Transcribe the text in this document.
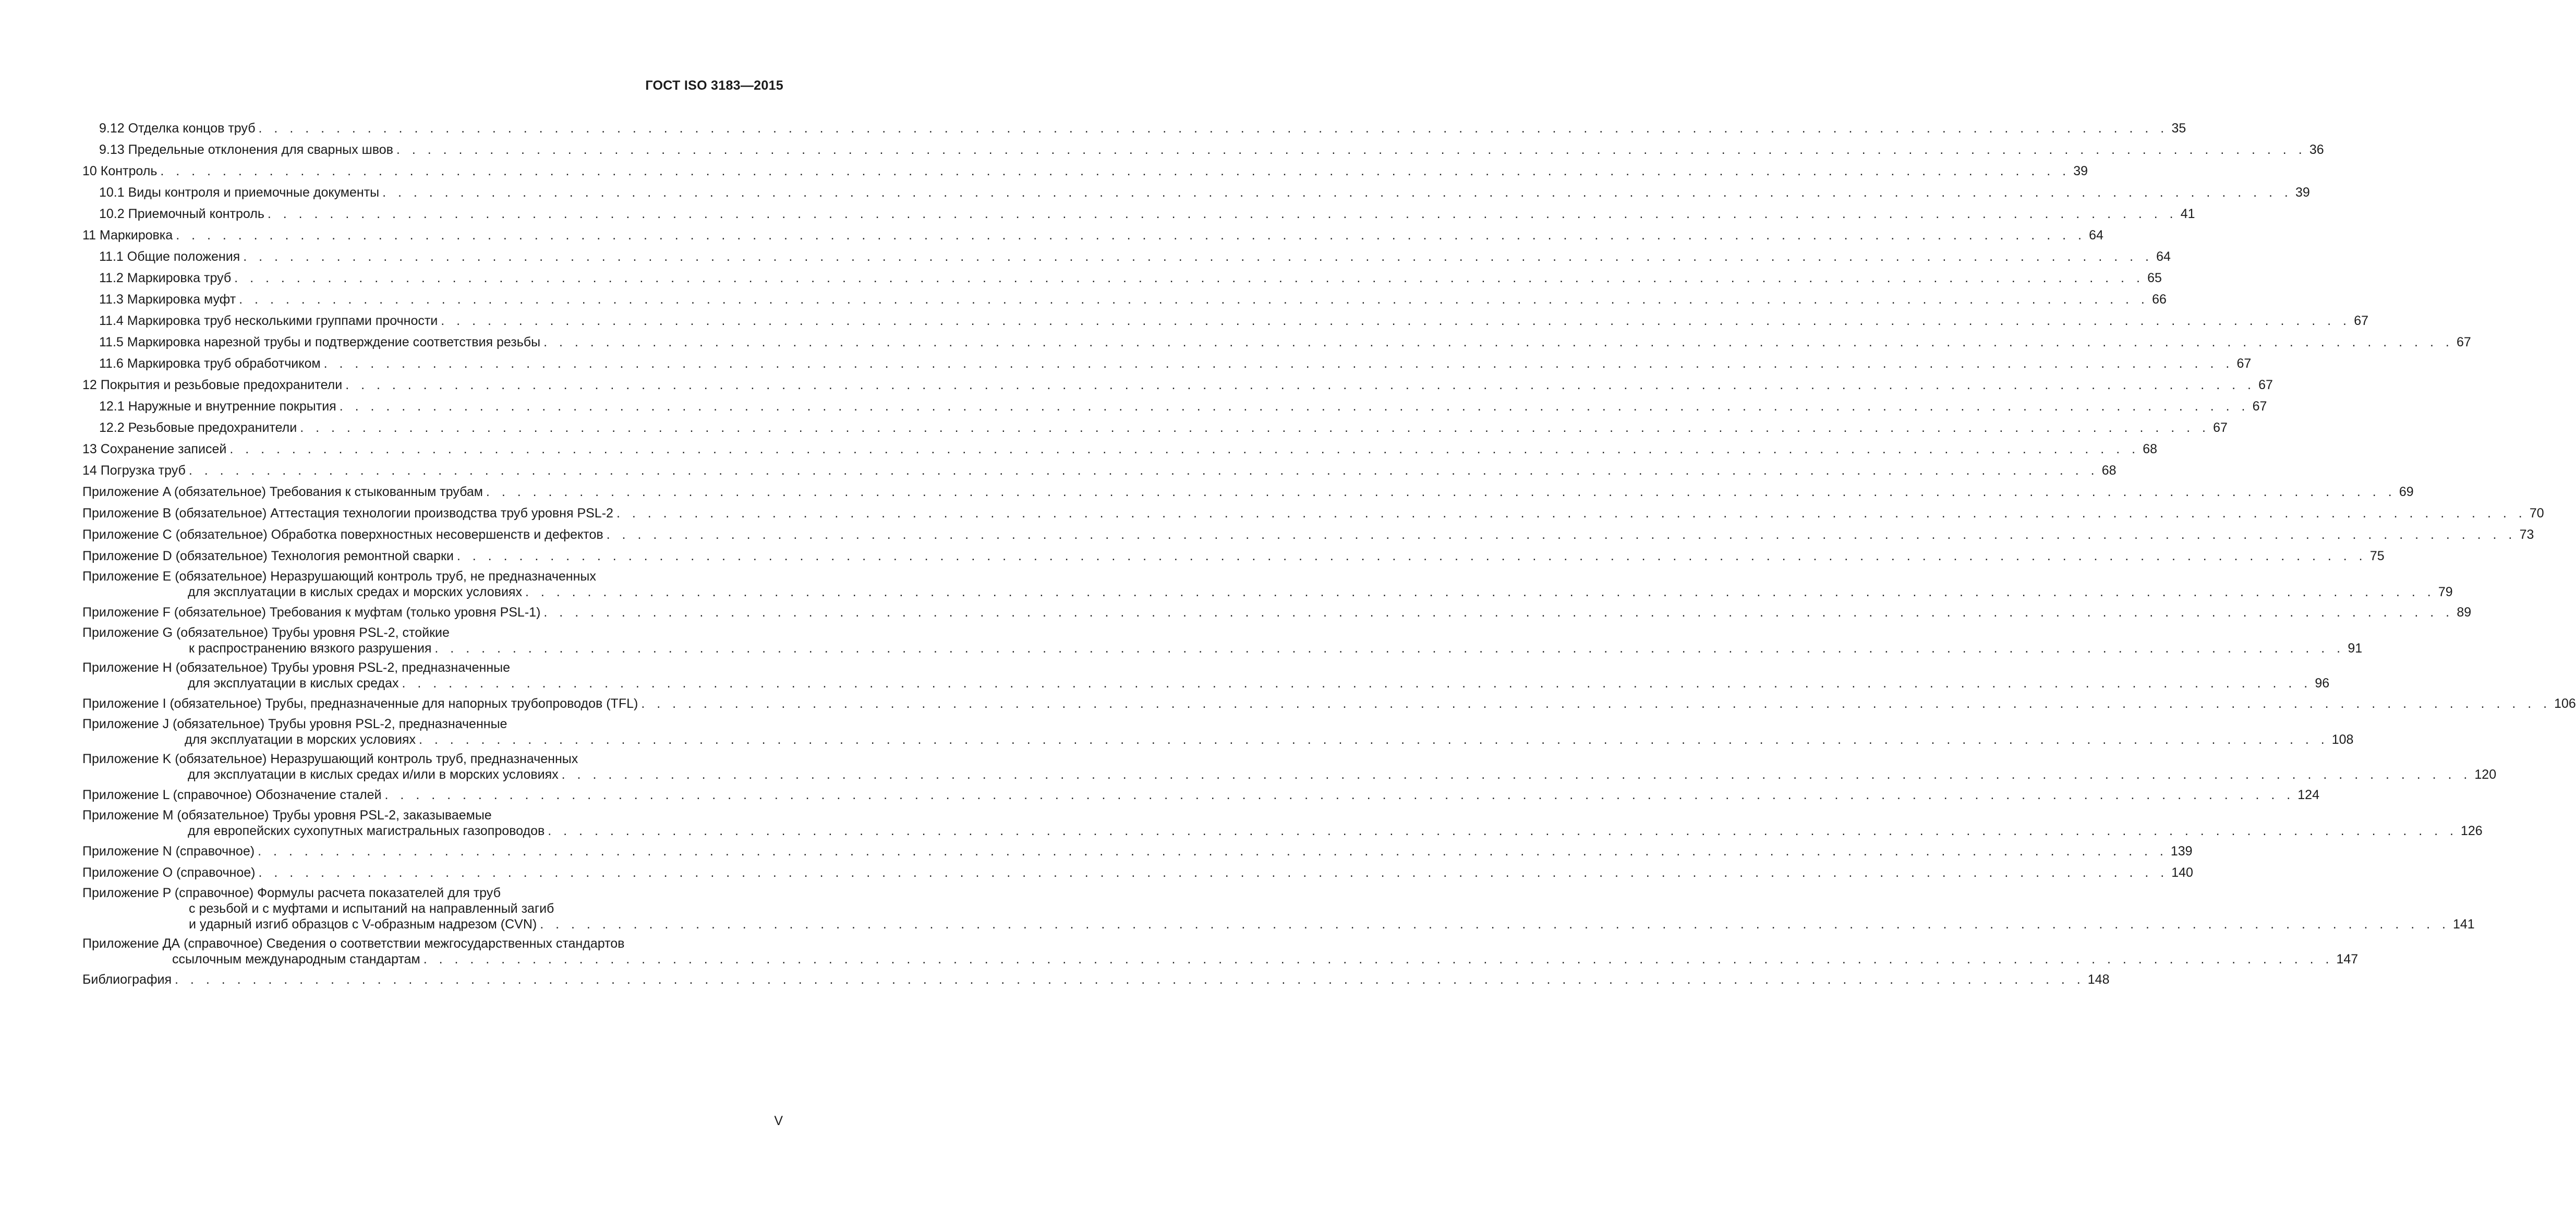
ГОСТ ISO 3183—2015
9.12 Отделка концов труб . . . . . . . . . . . . . . . . . . . . . . . . . . . . . . . . . . . . . . . . . . . . . . . . . . . . . . . . . . . . . . . . . . . . . . . . . . . . . . . . . . . . . . . . . . . . . . . . . . . . . . . . . . . . . . . . . . . . . . . . . . . 35
9.13 Предельные отклонения для сварных швов . . . . . . . . . . . . . . . . . . . . . . . . . . . . . . . . . . . . . . . . . . . . . . . . . . . . . . . . . . . . . . . . . . . . . . . . . . . . . . . . . . . . . . . . . . . . . . . . . . . . . . . . . . . . . . . . . . . . . . . . . . . 36
10 Контроль . . . . . . . . . . . . . . . . . . . . . . . . . . . . . . . . . . . . . . . . . . . . . . . . . . . . . . . . . . . . . . . . . . . . . . . . . . . . . . . . . . . . . . . . . . . . . . . . . . . . . . . . . . . . . . . . . . . . . . . . . . . 39
10.1 Виды контроля и приемочные документы . . . . . . . . . . . . . . . . . . . . . . . . . . . . . . . . . . . . . . . . . . . . . . . . . . . . . . . . . . . . . . . . . . . . . . . . . . . . . . . . . . . . . . . . . . . . . . . . . . . . . . . . . . . . . . . . . . . . . . . . . . . 39
10.2 Приемочный контроль . . . . . . . . . . . . . . . . . . . . . . . . . . . . . . . . . . . . . . . . . . . . . . . . . . . . . . . . . . . . . . . . . . . . . . . . . . . . . . . . . . . . . . . . . . . . . . . . . . . . . . . . . . . . . . . . . . . . . . . . . . . 41
11 Маркировка . . . . . . . . . . . . . . . . . . . . . . . . . . . . . . . . . . . . . . . . . . . . . . . . . . . . . . . . . . . . . . . . . . . . . . . . . . . . . . . . . . . . . . . . . . . . . . . . . . . . . . . . . . . . . . . . . . . . . . . . . . . 64
11.1 Общие положения . . . . . . . . . . . . . . . . . . . . . . . . . . . . . . . . . . . . . . . . . . . . . . . . . . . . . . . . . . . . . . . . . . . . . . . . . . . . . . . . . . . . . . . . . . . . . . . . . . . . . . . . . . . . . . . . . . . . . . . . . . . 64
11.2 Маркировка труб . . . . . . . . . . . . . . . . . . . . . . . . . . . . . . . . . . . . . . . . . . . . . . . . . . . . . . . . . . . . . . . . . . . . . . . . . . . . . . . . . . . . . . . . . . . . . . . . . . . . . . . . . . . . . . . . . . . . . . . . . . . 65
11.3 Маркировка муфт . . . . . . . . . . . . . . . . . . . . . . . . . . . . . . . . . . . . . . . . . . . . . . . . . . . . . . . . . . . . . . . . . . . . . . . . . . . . . . . . . . . . . . . . . . . . . . . . . . . . . . . . . . . . . . . . . . . . . . . . . . . 66
11.4 Маркировка труб несколькими группами прочности . . . . . . . . . . . . . . . . . . . . . . . . . . . . . . . . . . . . . . . . . . . . . . . . . . . . . . . . . . . . . . . . . . . . . . . . . . . . . . . . . . . . . . . . . . . . . . . . . . . . . . . . . . . . . . . . . . . . . . . . . . . 67
11.5 Маркировка нарезной трубы и подтверждение соответствия резьбы . . . . . . . . . . . . . . . . . . . . . . . . . . . . . . . . . . . . . . . . . . . . . . . . . . . . . . . . . . . . . . . . . . . . . . . . . . . . . . . . . . . . . . . . . . . . . . . . . . . . . . . . . . . . . . . . . . . . . . . . . . . 67
11.6 Маркировка труб обработчиком . . . . . . . . . . . . . . . . . . . . . . . . . . . . . . . . . . . . . . . . . . . . . . . . . . . . . . . . . . . . . . . . . . . . . . . . . . . . . . . . . . . . . . . . . . . . . . . . . . . . . . . . . . . . . . . . . . . . . . . . . . . 67
12 Покрытия и резьбовые предохранители . . . . . . . . . . . . . . . . . . . . . . . . . . . . . . . . . . . . . . . . . . . . . . . . . . . . . . . . . . . . . . . . . . . . . . . . . . . . . . . . . . . . . . . . . . . . . . . . . . . . . . . . . . . . . . . . . . . . . . . . . . . 67
12.1 Наружные и внутренние покрытия . . . . . . . . . . . . . . . . . . . . . . . . . . . . . . . . . . . . . . . . . . . . . . . . . . . . . . . . . . . . . . . . . . . . . . . . . . . . . . . . . . . . . . . . . . . . . . . . . . . . . . . . . . . . . . . . . . . . . . . . . . . 67
12.2 Резьбовые предохранители . . . . . . . . . . . . . . . . . . . . . . . . . . . . . . . . . . . . . . . . . . . . . . . . . . . . . . . . . . . . . . . . . . . . . . . . . . . . . . . . . . . . . . . . . . . . . . . . . . . . . . . . . . . . . . . . . . . . . . . . . . . 67
13 Сохранение записей . . . . . . . . . . . . . . . . . . . . . . . . . . . . . . . . . . . . . . . . . . . . . . . . . . . . . . . . . . . . . . . . . . . . . . . . . . . . . . . . . . . . . . . . . . . . . . . . . . . . . . . . . . . . . . . . . . . . . . . . . . . 68
14 Погрузка труб . . . . . . . . . . . . . . . . . . . . . . . . . . . . . . . . . . . . . . . . . . . . . . . . . . . . . . . . . . . . . . . . . . . . . . . . . . . . . . . . . . . . . . . . . . . . . . . . . . . . . . . . . . . . . . . . . . . . . . . . . . . 68
Приложение A (обязательное) Требования к стыкованным трубам . . . . . . . . . . . . . . . . . . . . . . . . . . . . . . . . . . . . . . . . . . . . . . . . . . . . . . . . . . . . . . . . . . . . . . . . . . . . . . . . . . . . . . . . . . . . . . . . . . . . . . . . . . . . . . . . . . . . . . . . . . . 69
Приложение B (обязательное) Аттестация технологии производства труб уровня PSL-2 . . . . . . . . . . . . . . . . . . . . . . . . . . . . . . . . . . . . . . . . . . . . . . . . . . . . . . . . . . . . . . . . . . . . . . . . . . . . . . . . . . . . . . . . . . . . . . . . . . . . . . . . . . . . . . . . . . . . . . . . . . . 70
Приложение C (обязательное) Обработка поверхностных несовершенств и дефектов . . . . . . . . . . . . . . . . . . . . . . . . . . . . . . . . . . . . . . . . . . . . . . . . . . . . . . . . . . . . . . . . . . . . . . . . . . . . . . . . . . . . . . . . . . . . . . . . . . . . . . . . . . . . . . . . . . . . . . . . . . . 73
Приложение D (обязательное) Технология ремонтной сварки . . . . . . . . . . . . . . . . . . . . . . . . . . . . . . . . . . . . . . . . . . . . . . . . . . . . . . . . . . . . . . . . . . . . . . . . . . . . . . . . . . . . . . . . . . . . . . . . . . . . . . . . . . . . . . . . . . . . . . . . . . . 75
Приложение E (обязательное) Неразрушающий контроль труб, не предназначенных
для эксплуатации в кислых средах и морских условиях . . . . . . . . . . . . . . . . . . . . . . . . . . . . . . . . . . . . . . . . . . . . . . . . . . . . . . . . . . . . . . . . . . . . . . . . . . . . . . . . . . . . . . . . . . . . . . . . . . . . . . . . . . . . . . . . . . . . . . . . . . . 79
Приложение F (обязательное) Требования к муфтам (только уровня PSL-1) . . . . . . . . . . . . . . . . . . . . . . . . . . . . . . . . . . . . . . . . . . . . . . . . . . . . . . . . . . . . . . . . . . . . . . . . . . . . . . . . . . . . . . . . . . . . . . . . . . . . . . . . . . . . . . . . . . . . . . . . . . . 89
Приложение G (обязательное) Трубы уровня PSL-2, стойкие
к распространению вязкого разрушения . . . . . . . . . . . . . . . . . . . . . . . . . . . . . . . . . . . . . . . . . . . . . . . . . . . . . . . . . . . . . . . . . . . . . . . . . . . . . . . . . . . . . . . . . . . . . . . . . . . . . . . . . . . . . . . . . . . . . . . . . . . 91
Приложение H (обязательное) Трубы уровня PSL-2, предназначенные
для эксплуатации в кислых средах . . . . . . . . . . . . . . . . . . . . . . . . . . . . . . . . . . . . . . . . . . . . . . . . . . . . . . . . . . . . . . . . . . . . . . . . . . . . . . . . . . . . . . . . . . . . . . . . . . . . . . . . . . . . . . . . . . . . . . . . . . . 96
Приложение I (обязательное) Трубы, предназначенные для напорных трубопроводов (TFL) . . . . . . . . . . . . . . . . . . . . . . . . . . . . . . . . . . . . . . . . . . . . . . . . . . . . . . . . . . . . . . . . . . . . . . . . . . . . . . . . . . . . . . . . . . . . . . . . . . . . . . . . . . . . . . . . . . . . . . . . . . . 106
Приложение J (обязательное) Трубы уровня PSL-2, предназначенные
для эксплуатации в морских условиях . . . . . . . . . . . . . . . . . . . . . . . . . . . . . . . . . . . . . . . . . . . . . . . . . . . . . . . . . . . . . . . . . . . . . . . . . . . . . . . . . . . . . . . . . . . . . . . . . . . . . . . . . . . . . . . . . . . . . . . . . . . 108
Приложение K (обязательное) Неразрушающий контроль труб, предназначенных
для эксплуатации в кислых средах и/или в морских условиях . . . . . . . . . . . . . . . . . . . . . . . . . . . . . . . . . . . . . . . . . . . . . . . . . . . . . . . . . . . . . . . . . . . . . . . . . . . . . . . . . . . . . . . . . . . . . . . . . . . . . . . . . . . . . . . . . . . . . . . . . . . 120
Приложение L (справочное) Обозначение сталей . . . . . . . . . . . . . . . . . . . . . . . . . . . . . . . . . . . . . . . . . . . . . . . . . . . . . . . . . . . . . . . . . . . . . . . . . . . . . . . . . . . . . . . . . . . . . . . . . . . . . . . . . . . . . . . . . . . . . . . . . . . 124
Приложение M (обязательное) Трубы уровня PSL-2, заказываемые
для европейских сухопутных магистральных газопроводов . . . . . . . . . . . . . . . . . . . . . . . . . . . . . . . . . . . . . . . . . . . . . . . . . . . . . . . . . . . . . . . . . . . . . . . . . . . . . . . . . . . . . . . . . . . . . . . . . . . . . . . . . . . . . . . . . . . . . . . . . . . 126
Приложение N (справочное) . . . . . . . . . . . . . . . . . . . . . . . . . . . . . . . . . . . . . . . . . . . . . . . . . . . . . . . . . . . . . . . . . . . . . . . . . . . . . . . . . . . . . . . . . . . . . . . . . . . . . . . . . . . . . . . . . . . . . . . . . . . 139
Приложение O (справочное) . . . . . . . . . . . . . . . . . . . . . . . . . . . . . . . . . . . . . . . . . . . . . . . . . . . . . . . . . . . . . . . . . . . . . . . . . . . . . . . . . . . . . . . . . . . . . . . . . . . . . . . . . . . . . . . . . . . . . . . . . . . 140
Приложение P (справочное) Формулы расчета показателей для труб
с резьбой и с муфтами и испытаний на направленный загиб
и ударный изгиб образцов с V-образным надрезом (CVN) . . . . . . . . . . . . . . . . . . . . . . . . . . . . . . . . . . . . . . . . . . . . . . . . . . . . . . . . . . . . . . . . . . . . . . . . . . . . . . . . . . . . . . . . . . . . . . . . . . . . . . . . . . . . . . . . . . . . . . . . . . . 141
Приложение ДА (справочное) Сведения о соответствии межгосударственных стандартов
ссылочным международным стандартам . . . . . . . . . . . . . . . . . . . . . . . . . . . . . . . . . . . . . . . . . . . . . . . . . . . . . . . . . . . . . . . . . . . . . . . . . . . . . . . . . . . . . . . . . . . . . . . . . . . . . . . . . . . . . . . . . . . . . . . . . . . 147
Библиография . . . . . . . . . . . . . . . . . . . . . . . . . . . . . . . . . . . . . . . . . . . . . . . . . . . . . . . . . . . . . . . . . . . . . . . . . . . . . . . . . . . . . . . . . . . . . . . . . . . . . . . . . . . . . . . . . . . . . . . . . . . 148
V
